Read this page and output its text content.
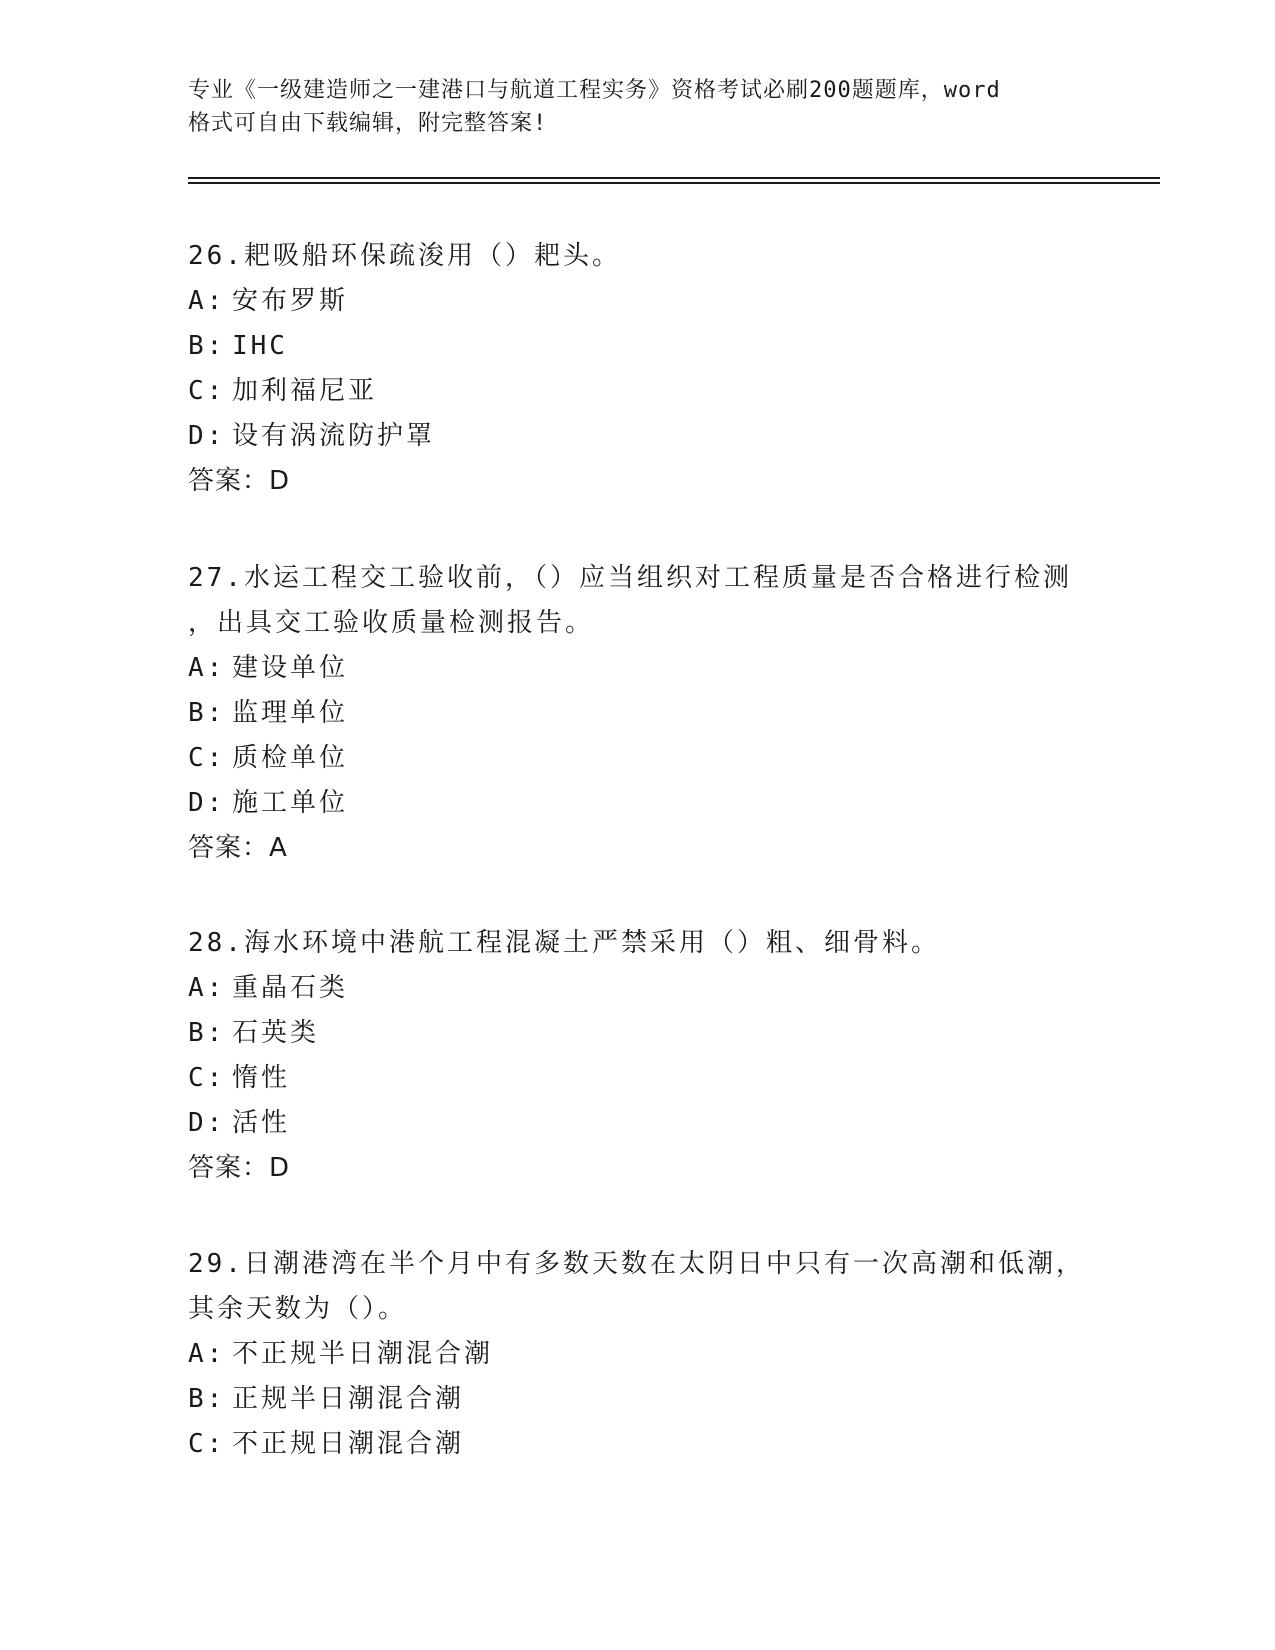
专业《一级建造师之一建港口与航道工程实务》资格考试必刷200题题库，word
格式可自由下载编辑，附完整答案!

26.耙吸船环保疏浚用（）耙头。

A: 安布罗斯

B: IHC

C: 加利福尼亚

D: 设有涡流防护罩

答案：D

27.水运工程交工验收前，（）应当组织对工程质量是否合格进行检测

，出具交工验收质量检测报告。

A: 建设单位

B: 监理单位

C: 质检单位

D: 施工单位

答案：A

28.海水环境中港航工程混凝土严禁采用（）粗、细骨料。

A: 重晶石类

B: 石英类

C: 惰性

D: 活性

答案：D

29.日潮港湾在半个月中有多数天数在太阴日中只有一次高潮和低潮，

其余天数为（）。

A: 不正规半日潮混合潮

B: 正规半日潮混合潮

C: 不正规日潮混合潮
